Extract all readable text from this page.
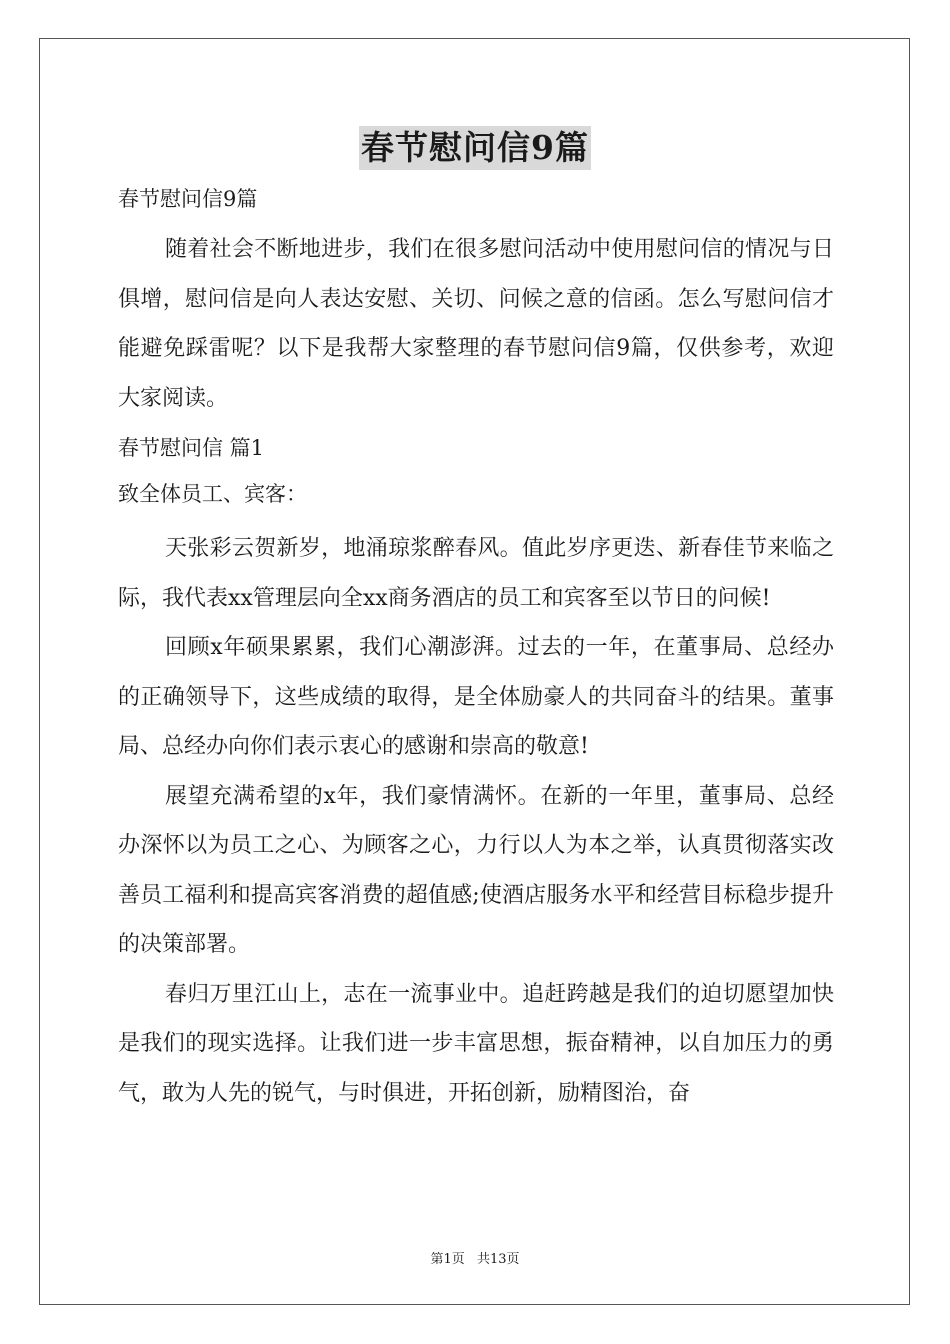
春节慰问信9篇
春节慰问信9篇

随着社会不断地进步，我们在很多慰问活动中使用慰问信的情况与日俱增，慰问信是向人表达安慰、关切、问候之意的信函。怎么写慰问信才能避免踩雷呢？以下是我帮大家整理的春节慰问信9篇，仅供参考，欢迎大家阅读。

春节慰问信 篇1

致全体员工、宾客：

天张彩云贺新岁，地涌琼浆醉春风。值此岁序更迭、新春佳节来临之际，我代表xx管理层向全xx商务酒店的员工和宾客至以节日的问候!

回顾x年硕果累累，我们心潮澎湃。过去的一年，在董事局、总经办的正确领导下，这些成绩的取得，是全体励豪人的共同奋斗的结果。董事局、总经办向你们表示衷心的感谢和崇高的敬意!

展望充满希望的x年，我们豪情满怀。在新的一年里，董事局、总经办深怀以为员工之心、为顾客之心，力行以人为本之举，认真贯彻落实改善员工福利和提高宾客消费的超值感;使酒店服务水平和经营目标稳步提升的决策部署。

春归万里江山上，志在一流事业中。追赶跨越是我们的迫切愿望加快是我们的现实选择。让我们进一步丰富思想，振奋精神，以自加压力的勇气，敢为人先的锐气，与时俱进，开拓创新，励精图治，奋

第1页 共13页
